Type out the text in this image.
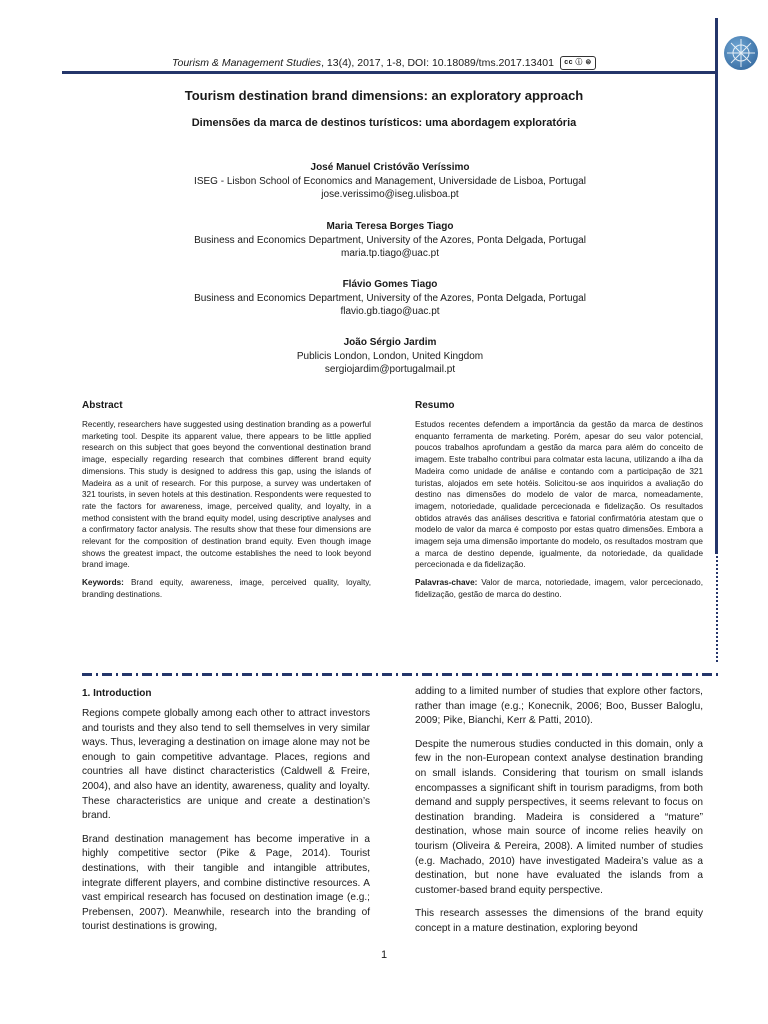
Tourism & Management Studies, 13(4), 2017, 1-8, DOI: 10.18089/tms.2017.13401 cc ⓘ ⊜
Tourism destination brand dimensions: an exploratory approach
Dimensões da marca de destinos turísticos: uma abordagem exploratória
José Manuel Cristóvão Veríssimo
ISEG - Lisbon School of Economics and Management, Universidade de Lisboa, Portugal
jose.verissimo@iseg.ulisboa.pt
Maria Teresa Borges Tiago
Business and Economics Department, University of the Azores, Ponta Delgada, Portugal
maria.tp.tiago@uac.pt
Flávio Gomes Tiago
Business and Economics Department, University of the Azores, Ponta Delgada, Portugal
flavio.gb.tiago@uac.pt
João Sérgio Jardim
Publicis London, London, United Kingdom
sergiojardim@portugalmail.pt
Abstract

Recently, researchers have suggested using destination branding as a powerful marketing tool. Despite its apparent value, there appears to be little applied research on this subject that goes beyond the conventional destination brand image, especially regarding research that combines different brand equity dimensions. This study is designed to address this gap, using the islands of Madeira as a unit of research. For this purpose, a survey was undertaken of 321 tourists, in seven hotels at this destination. Respondents were requested to rate the factors for awareness, image, perceived quality, and loyalty, in a method consistent with the brand equity model, using descriptive analyses and a confirmatory factor analysis. The results show that these four dimensions are relevant for the composition of destination brand equity. Even though image shows the greatest impact, the outcome establishes the need to look beyond brand image.

Keywords: Brand equity, awareness, image, perceived quality, loyalty, branding destinations.

Resumo

Estudos recentes defendem a importância da gestão da marca de destinos enquanto ferramenta de marketing. Porém, apesar do seu valor potencial, poucos trabalhos aprofundam a gestão da marca para além do conceito de imagem. Este trabalho contribui para colmatar esta lacuna, utilizando a ilha da Madeira como unidade de análise e contando com a participação de 321 turistas, alojados em sete hotéis. Solicitou-se aos inquiridos a avaliação do destino nas dimensões do modelo de valor de marca, nomeadamente, imagem, notoriedade, qualidade percecionada e fidelização. Os resultados obtidos através das análises descritiva e fatorial confirmatória atestam que o modelo de valor da marca é composto por estas quatro dimensões. Embora a imagem seja uma dimensão importante do modelo, os resultados mostram que a marca de destino depende, igualmente, da notoriedade, da qualidade percecionada e da fidelização.

Palavras-chave: Valor de marca, notoriedade, imagem, valor percecionado, fidelização, gestão de marca do destino.

1. Introduction

Regions compete globally among each other to attract investors and tourists and they also tend to sell themselves in very similar ways. Thus, leveraging a destination on image alone may not be enough to gain competitive advantage. Places, regions and countries all have distinct characteristics (Caldwell & Freire, 2004), and also have an identity, awareness, quality and loyalty. These characteristics are unique and create a destination’s brand.

Brand destination management has become imperative in a highly competitive sector (Pike & Page, 2014). Tourist destinations, with their tangible and intangible attributes, integrate different players, and combine distinctive resources. A vast empirical research has focused on destination image (e.g.; Prebensen, 2007). Meanwhile, research into the branding of tourist destinations is growing,

adding to a limited number of studies that explore other factors, rather than image (e.g.; Konecnik, 2006; Boo, Busser Baloglu, 2009; Pike, Bianchi, Kerr & Patti, 2010).

Despite the numerous studies conducted in this domain, only a few in the non-European context analyse destination branding on small islands. Considering that tourism on small islands encompasses a significant shift in tourism paradigms, from both demand and supply perspectives, it seems relevant to focus on destination branding. Madeira is considered a “mature” destination, whose main source of income relies heavily on tourism (Oliveira & Pereira, 2008). A limited number of studies (e.g. Machado, 2010) have investigated Madeira’s value as a destination, but none have evaluated the islands from a customer-based brand equity perspective.

This research assesses the dimensions of the brand equity concept in a mature destination, exploring beyond

1
